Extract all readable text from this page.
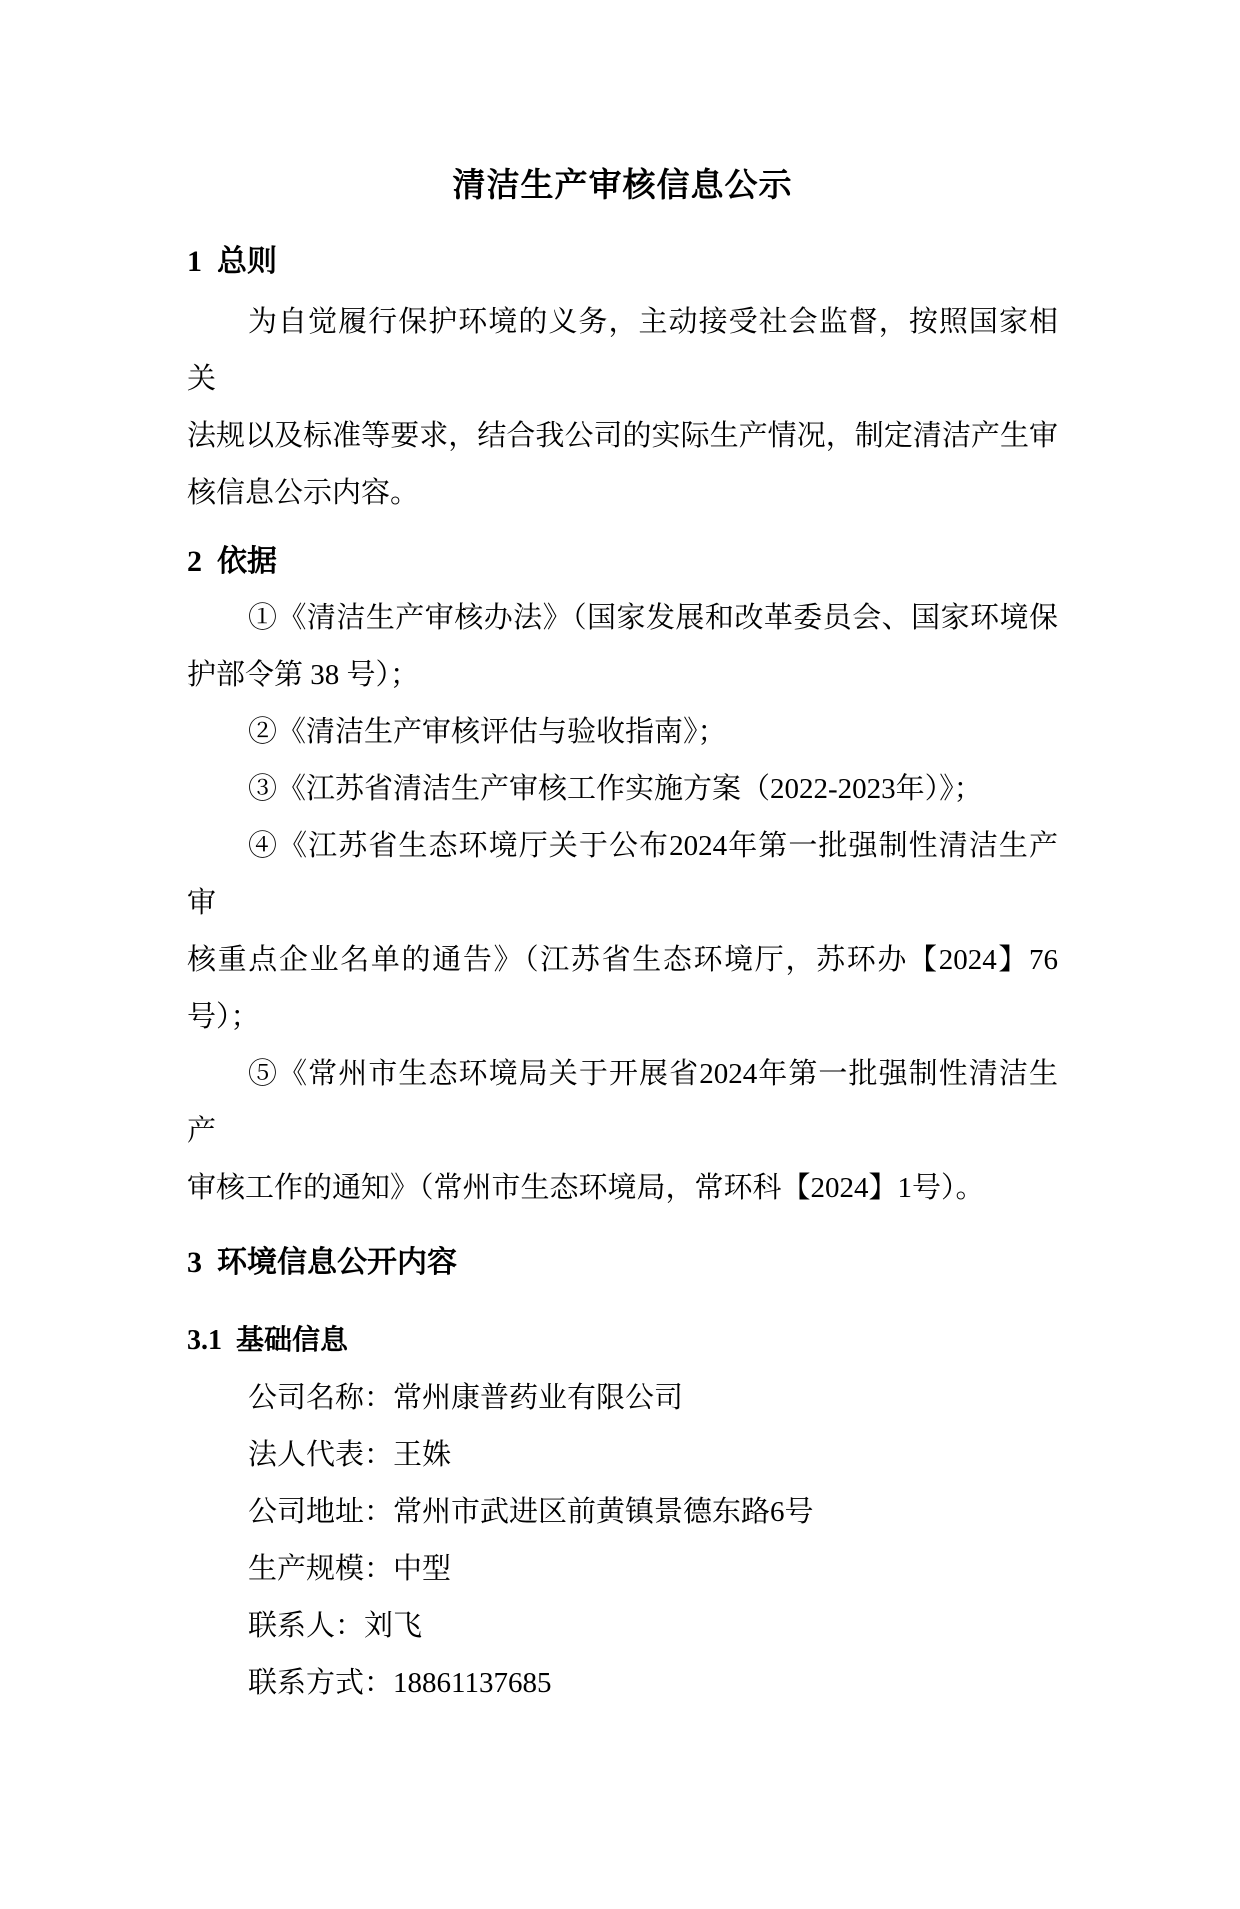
清洁生产审核信息公示
1  总则
为自觉履行保护环境的义务，主动接受社会监督，按照国家相关
法规以及标准等要求，结合我公司的实际生产情况，制定清洁产生审
核信息公示内容。
2  依据
①《清洁生产审核办法》（国家发展和改革委员会、国家环境保
护部令第 38 号）；
②《清洁生产审核评估与验收指南》；
③《江苏省清洁生产审核工作实施方案（2022-2023年）》；
④《江苏省生态环境厅关于公布2024年第一批强制性清洁生产审
核重点企业名单的通告》（江苏省生态环境厅，苏环办【2024】76
号）；
⑤《常州市生态环境局关于开展省2024年第一批强制性清洁生产
审核工作的通知》（常州市生态环境局，常环科【2024】1号）。
3  环境信息公开内容
3.1  基础信息
公司名称：常州康普药业有限公司
法人代表：王姝
公司地址：常州市武进区前黄镇景德东路6号
生产规模：中型
联系人：刘飞
联系方式：18861137685
